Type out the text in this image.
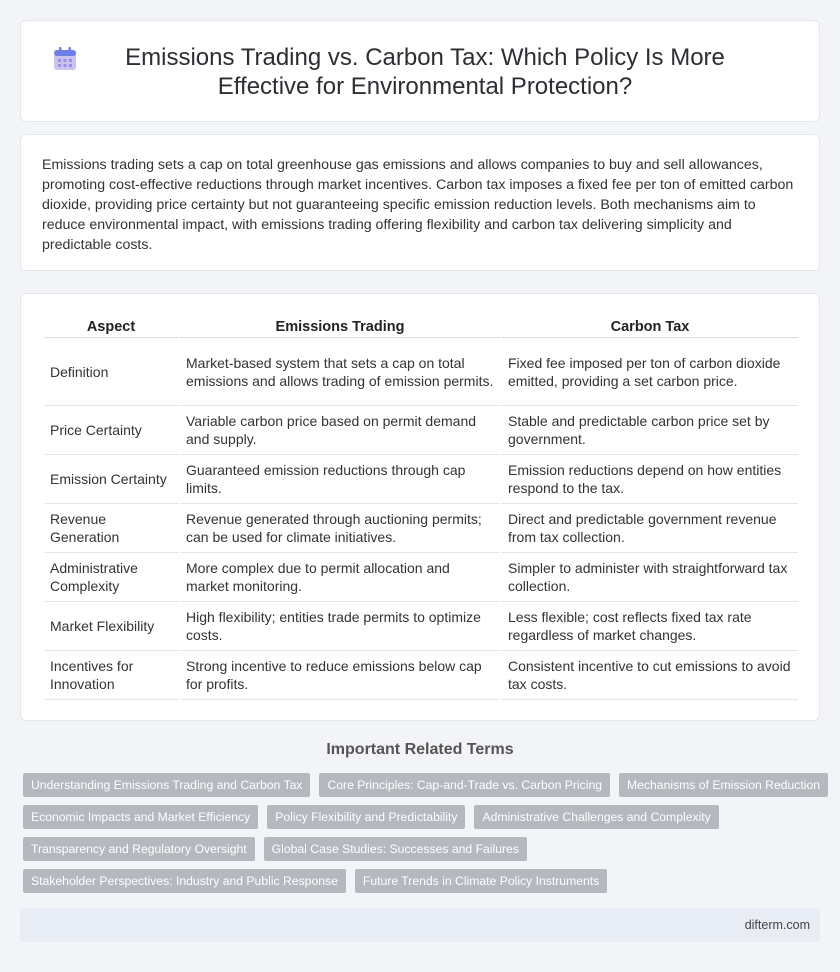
Emissions Trading vs. Carbon Tax: Which Policy Is More Effective for Environmental Protection?

Emissions trading sets a cap on total greenhouse gas emissions and allows companies to buy and sell allowances, promoting cost-effective reductions through market incentives. Carbon tax imposes a fixed fee per ton of emitted carbon dioxide, providing price certainty but not guaranteeing specific emission reduction levels. Both mechanisms aim to reduce environmental impact, with emissions trading offering flexibility and carbon tax delivering simplicity and predictable costs.

Aspect	Emissions Trading	Carbon Tax
Definition	Market-based system that sets a cap on total emissions and allows trading of emission permits.	Fixed fee imposed per ton of carbon dioxide emitted, providing a set carbon price.
Price Certainty	Variable carbon price based on permit demand and supply.	Stable and predictable carbon price set by government.
Emission Certainty	Guaranteed emission reductions through cap limits.	Emission reductions depend on how entities respond to the tax.
Revenue Generation	Revenue generated through auctioning permits; can be used for climate initiatives.	Direct and predictable government revenue from tax collection.
Administrative Complexity	More complex due to permit allocation and market monitoring.	Simpler to administer with straightforward tax collection.
Market Flexibility	High flexibility; entities trade permits to optimize costs.	Less flexible; cost reflects fixed tax rate regardless of market changes.
Incentives for Innovation	Strong incentive to reduce emissions below cap for profits.	Consistent incentive to cut emissions to avoid tax costs.
Important Related Terms
Understanding Emissions Trading and Carbon Tax	Core Principles: Cap-and-Trade vs. Carbon Pricing	Mechanisms of Emission Reduction
Economic Impacts and Market Efficiency	Policy Flexibility and Predictability	Administrative Challenges and Complexity
Transparency and Regulatory Oversight	Global Case Studies: Successes and Failures
Stakeholder Perspectives: Industry and Public Response	Future Trends in Climate Policy Instruments
difterm.com
